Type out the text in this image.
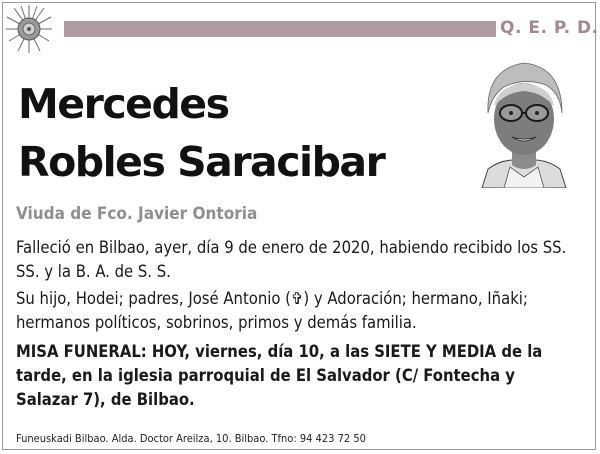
Q. E. P. D.
Mercedes
Robles Saracibar
Viuda de Fco. Javier Ontoria
Falleció en Bilbao, ayer, día 9 de enero de 2020, habiendo recibido los SS. SS. y la B. A. de S. S.
Su hijo, Hodei; padres, José Antonio (✞) y Adoración; hermano, Iñaki; hermanos políticos, sobrinos, primos y demás familia.
MISA FUNERAL: HOY, viernes, día 10, a las SIETE Y MEDIA de la tarde, en la iglesia parroquial de El Salvador (C/ Fontecha y Salazar 7), de Bilbao.
Funeuskadi Bilbao. Alda. Doctor Areilza, 10. Bilbao. Tfno: 94 423 72 50
